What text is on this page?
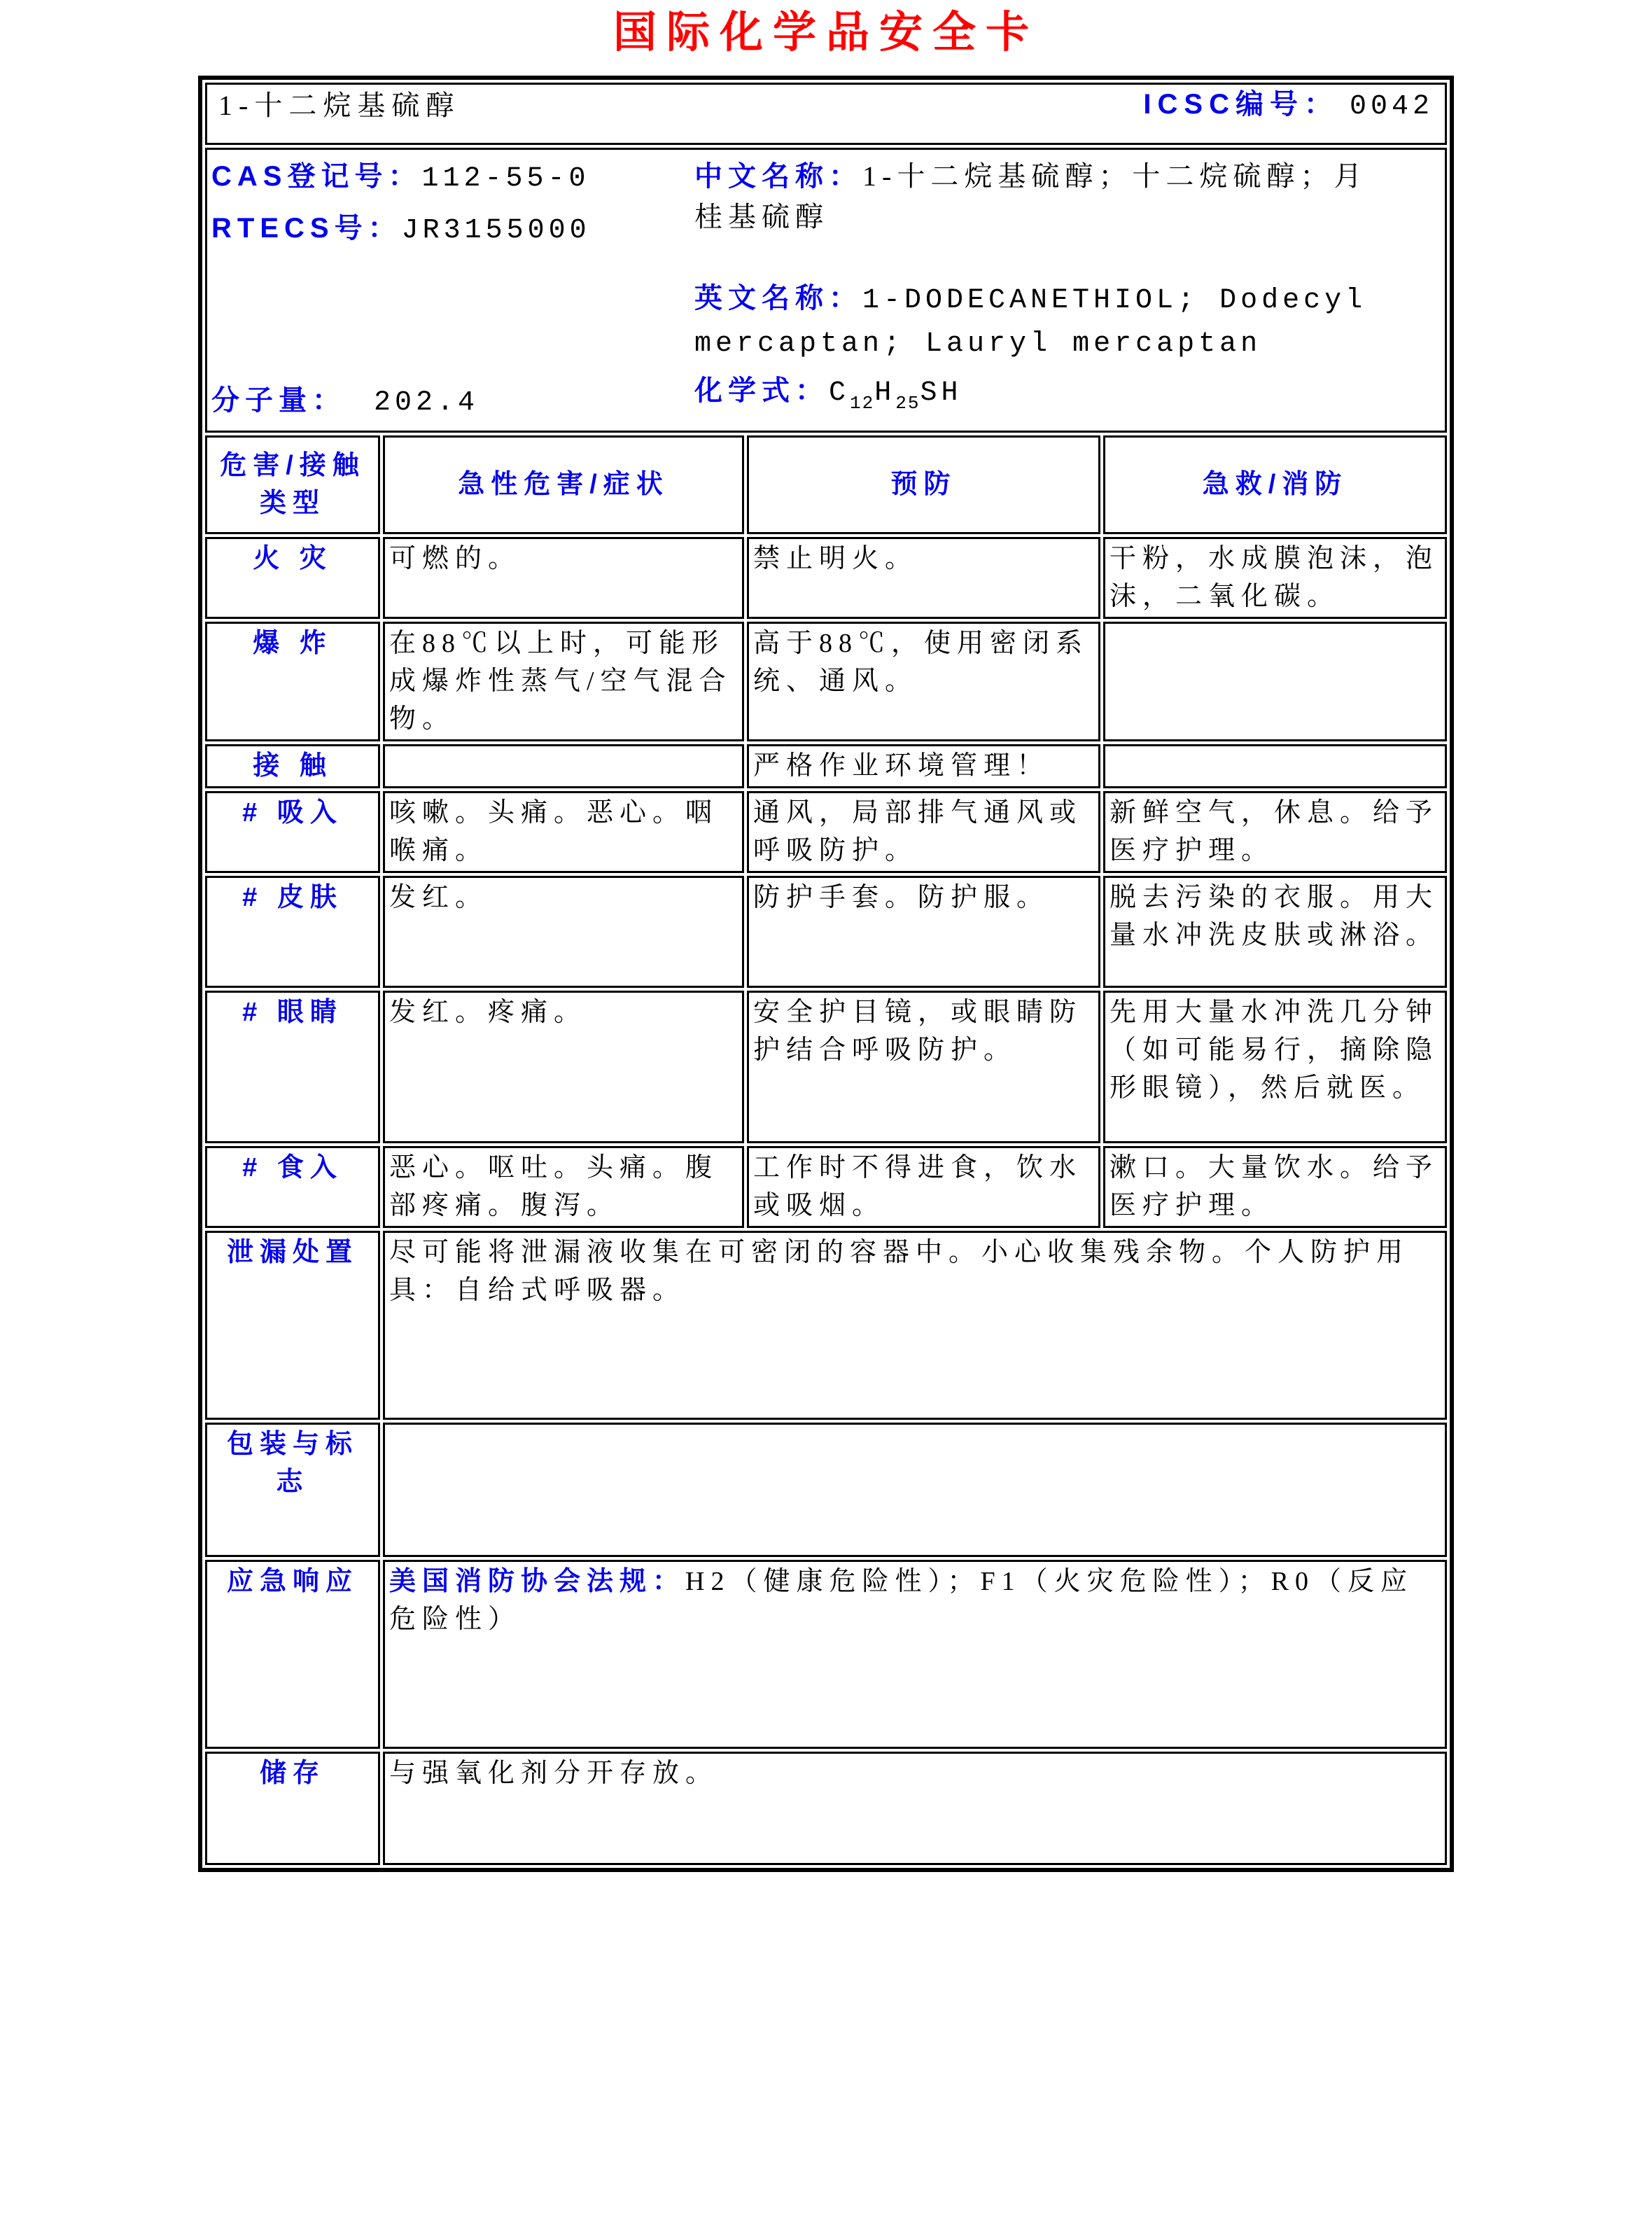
国际化学品安全卡
1-十二烷基硫醇 ICSC编号： 0042			

CAS登记号：112-55-0
RTECS号：JR3155000
分子量： 202.4

中文名称：1-十二烷基硫醇；十二烷硫醇；月桂基硫醇

英文名称：1-DODECANETHIOL; Dodecyl mercaptan; Lauryl mercaptan

化学式：$C_{12}H_{25}SH$

危害/接触
类型	急性危害/症状	预防	急救/消防
火 灾	可燃的。	禁止明火。	干粉，水成膜泡沫，泡沫，二氧化碳。
爆 炸	在88℃以上时，可能形成爆炸性蒸气/空气混合物。	高于88℃，使用密闭系统、通风。	
接 触		严格作业环境管理！	
# 吸入	咳嗽。头痛。恶心。咽喉痛。	通风，局部排气通风或呼吸防护。	新鲜空气，休息。给予医疗护理。
# 皮肤	发红。	防护手套。防护服。	脱去污染的衣服。用大量水冲洗皮肤或淋浴。
# 眼睛	发红。疼痛。	安全护目镜，或眼睛防护结合呼吸防护。	先用大量水冲洗几分钟（如可能易行，摘除隐形眼镜），然后就医。
# 食入	恶心。呕吐。头痛。腹部疼痛。腹泻。	工作时不得进食，饮水或吸烟。	漱口。大量饮水。给予医疗护理。
泄漏处置	尽可能将泄漏液收集在可密闭的容器中。小心收集残余物。个人防护用具：自给式呼吸器。		
包装与标志			
应急响应	美国消防协会法规：H2（健康危险性）；F1（火灾危险性）；R0（反应危险性）		
储存	与强氧化剂分开存放。		
